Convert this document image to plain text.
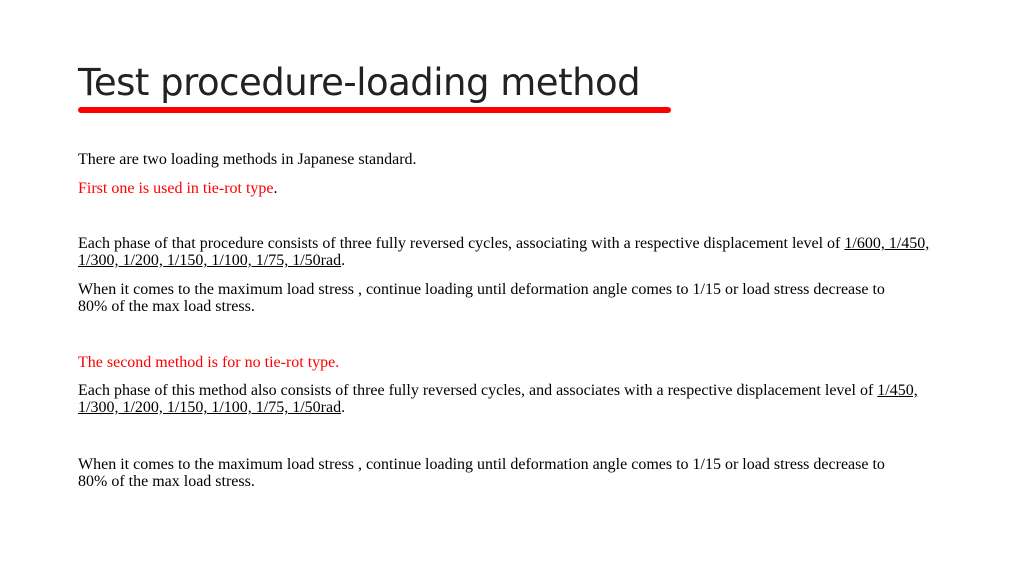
Test procedure-loading method

There are two loading methods in Japanese standard.

First one is used in tie-rot type.

Each phase of that procedure consists of three fully reversed cycles, associating with a respective displacement level of 1/600, 1/450, 1/300, 1/200, 1/150, 1/100, 1/75, 1/50rad.

When it comes to the maximum load stress , continue loading until deformation angle comes to 1/15 or load stress decrease to 80% of the max load stress.

The second method is for no tie-rot type.

Each phase of this method also consists of three fully reversed cycles, and associates with a respective displacement level of 1/450, 1/300, 1/200, 1/150, 1/100, 1/75, 1/50rad.

When it comes to the maximum load stress , continue loading until deformation angle comes to 1/15 or load stress decrease to 80% of the max load stress.
